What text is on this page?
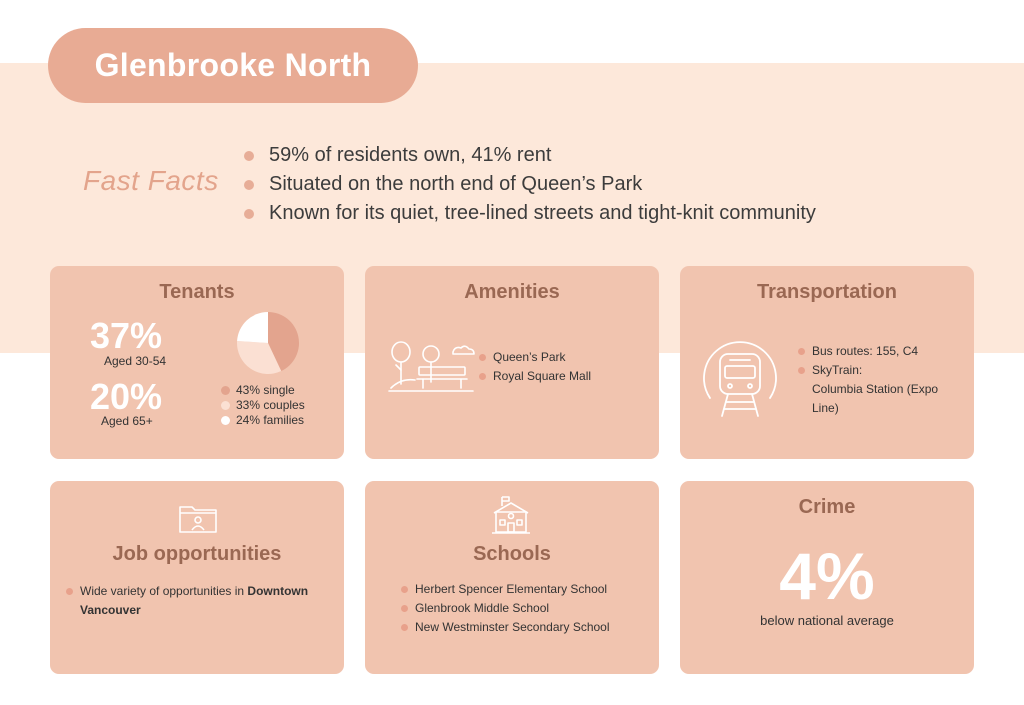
Glenbrooke North
Fast Facts
59% of residents own, 41% rent
Situated on the north end of Queen’s Park
Known for its quiet, tree-lined streets and tight-knit community
Tenants
37%
Aged 30-54
20%
Aged 65+
43% single
33% couples
24% families
Amenities
Queen’s Park
Royal Square Mall
Transportation
Bus routes: 155, C4
SkyTrain:
Columbia Station (Expo Line)
Job opportunities
Wide variety of opportunities in Downtown Vancouver
Schools
Herbert Spencer Elementary School
Glenbrook Middle School
New Westminster Secondary School
Crime
4%
below national average
